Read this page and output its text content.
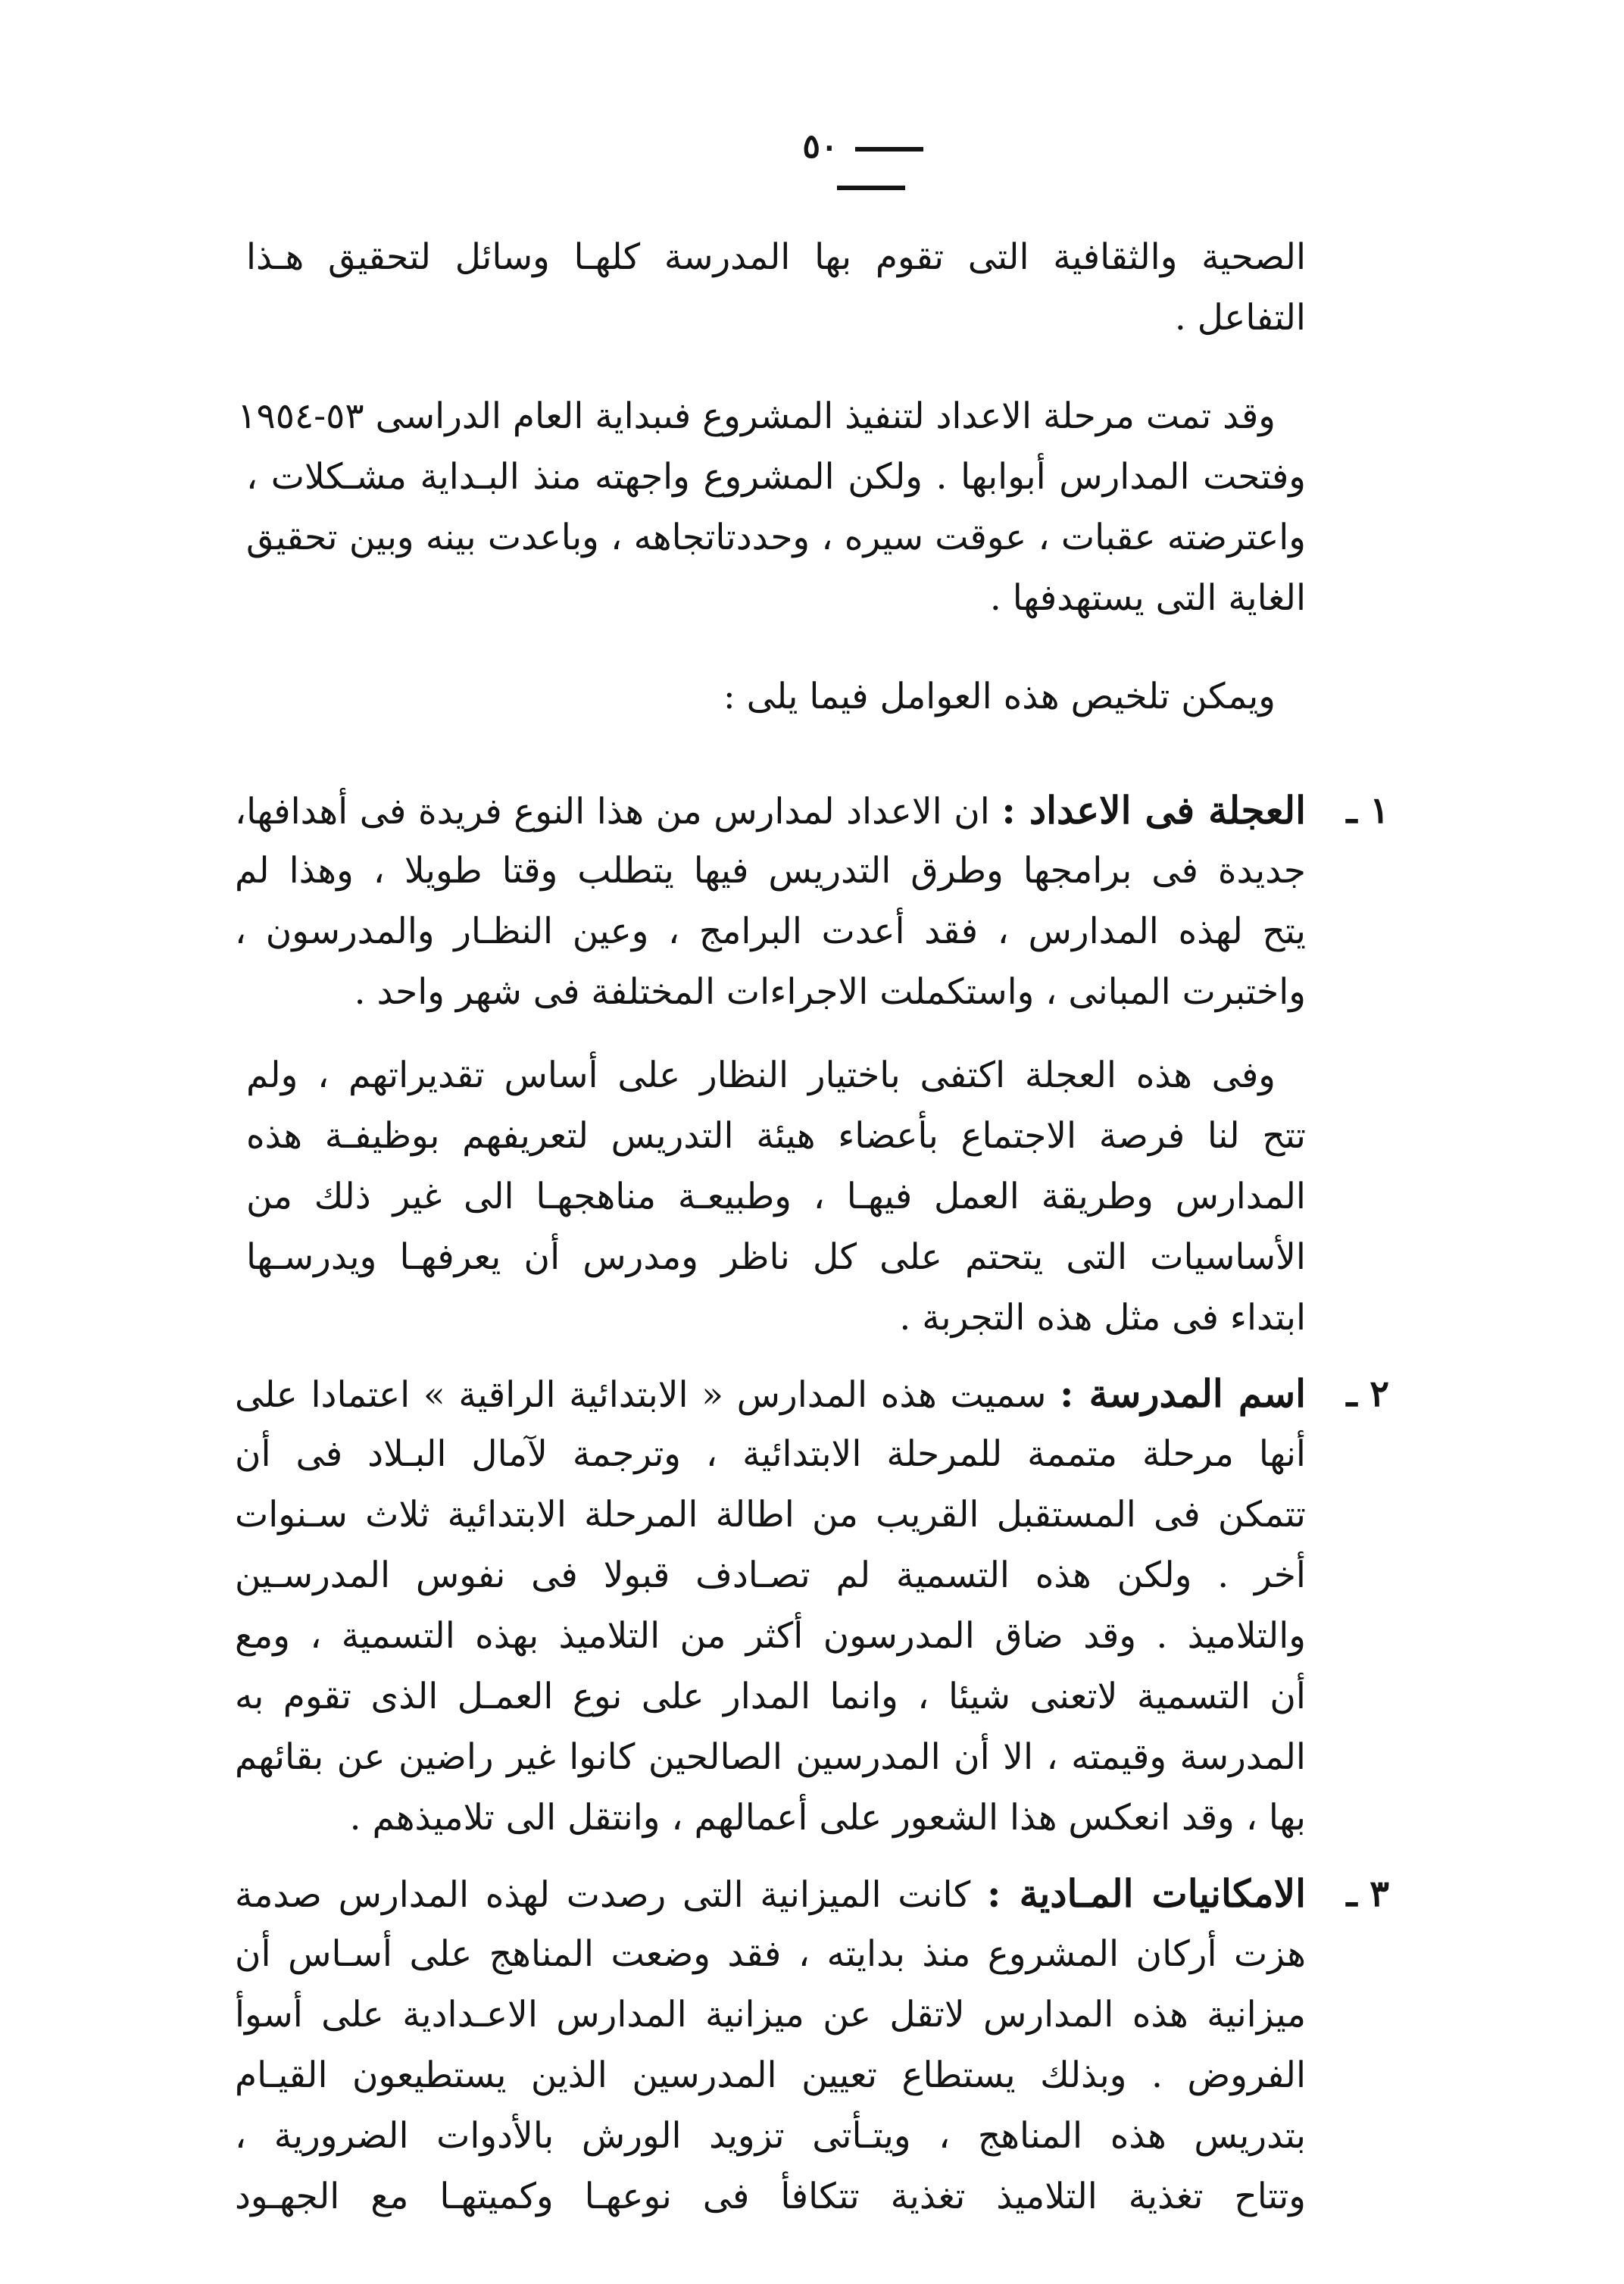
٥٠
الصحية والثقافية التى تقوم بها المدرسة كلهـا وسائل لتحقيق هـذا
التفاعل .
وقد تمت مرحلة الاعداد لتنفيذ المشروع فىبداية العام الدراسى ٥٣-١٩٥٤
وفتحت المدارس أبوابها . ولكن المشروع واجهته منذ البـداية مشـكلات ،
واعترضته عقبات ، عوقت سيره ، وحددتاتجاهه ، وباعدت بينه وبين تحقيق
الغاية التى يستهدفها .
ويمكن تلخيص هذه العوامل فيما يلى :
١ ـ
العجلة فى الاعداد : ان الاعداد لمدارس من هذا النوع فريدة فى أهدافها،
جديدة فى برامجها وطرق التدريس فيها يتطلب وقتا طويلا ، وهذا لم
يتح لهذه المدارس ، فقد أعدت البرامج ، وعين النظـار والمدرسون ،
واختبرت المبانى ، واستكملت الاجراءات المختلفة فى شهر واحد .
وفى هذه العجلة اكتفى باختيار النظار على أساس تقديراتهم ، ولم
تتح لنا فرصة الاجتماع بأعضاء هيئة التدريس لتعريفهم بوظيفـة هذه
المدارس وطريقة العمل فيهـا ، وطبيعـة مناهجهـا الى غير ذلك من
الأساسيات التى يتحتم على كل ناظر ومدرس أن يعرفهـا ويدرسـها
ابتداء فى مثل هذه التجربة .
٢ ـ
اسم المدرسة : سميت هذه المدارس « الابتدائية الراقية » اعتمادا على
أنها مرحلة متممة للمرحلة الابتدائية ، وترجمة لآمال البـلاد فى أن
تتمكن فى المستقبل القريب من اطالة المرحلة الابتدائية ثلاث سـنوات
أخر . ولكن هذه التسمية لم تصـادف قبولا فى نفوس المدرسـين
والتلاميذ . وقد ضاق المدرسون أكثر من التلاميذ بهذه التسمية ، ومع
أن التسمية لاتعنى شيئا ، وانما المدار على نوع العمـل الذى تقوم به
المدرسة وقيمته ، الا أن المدرسين الصالحين كانوا غير راضين عن بقائهم
بها ، وقد انعكس هذا الشعور على أعمالهم ، وانتقل الى تلاميذهم .
٣ ـ
الامكانيات المـادية : كانت الميزانية التى رصدت لهذه المدارس صدمة
هزت أركان المشروع منذ بدايته ، فقد وضعت المناهج على أسـاس أن
ميزانية هذه المدارس لاتقل عن ميزانية المدارس الاعـدادية على أسوأ
الفروض . وبذلك يستطاع تعيين المدرسين الذين يستطيعون القيـام
بتدريس هذه المناهج ، ويتـأتى تزويد الورش بالأدوات الضرورية ،
وتتاح تغذية التلاميذ تغذية تتكافأ فى نوعهـا وكميتهـا مع الجهـود
